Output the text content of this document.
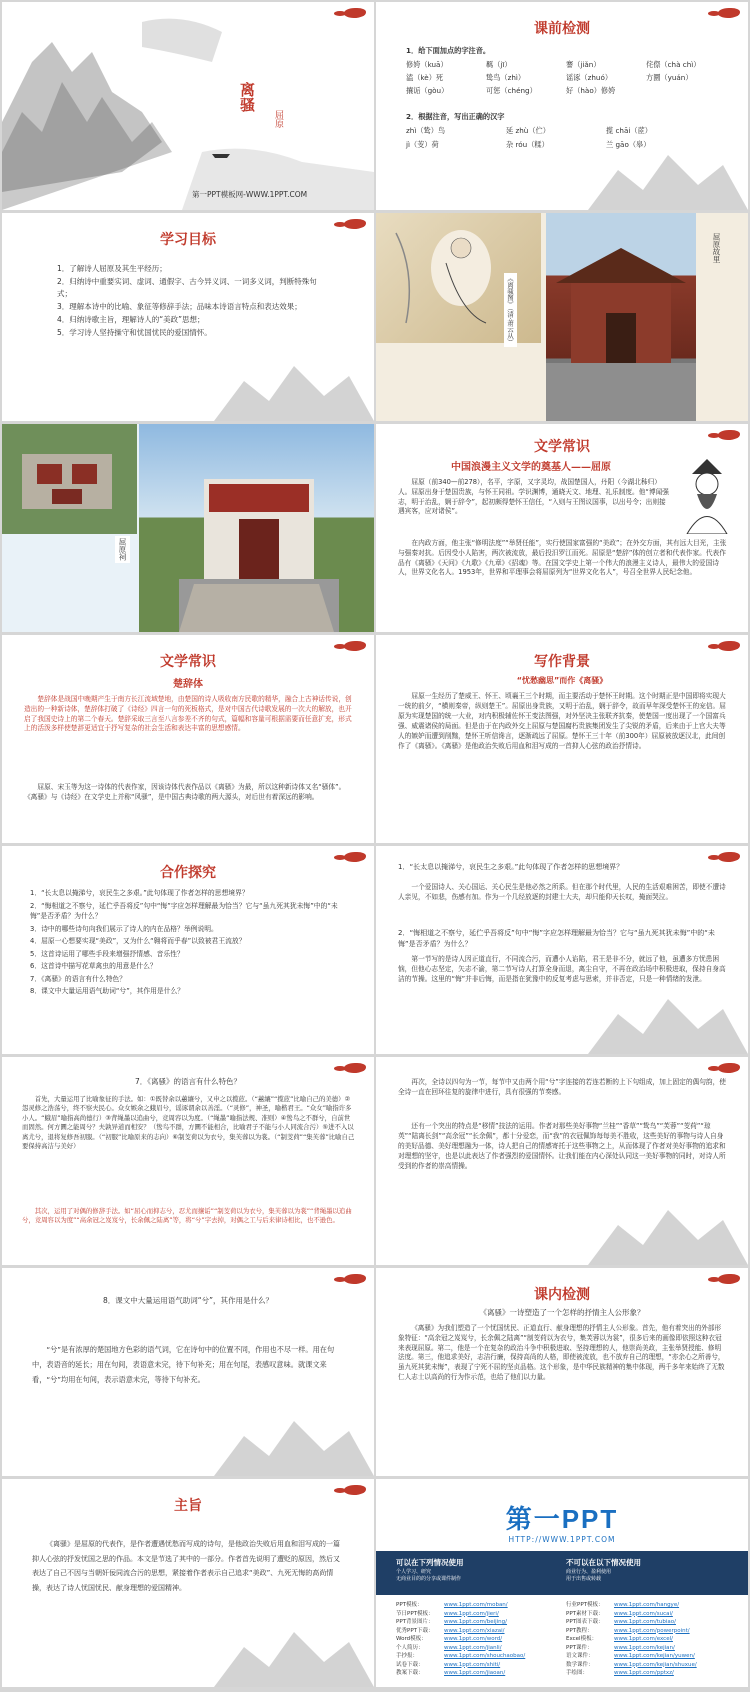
离骚
屈原
第一PPT模板网-WWW.1PPT.COM
课前检测
1．给下面加点的字注音。
修姱（kuā）	羁（jī）	謇（jiǎn）	侘傺（chà chì）
溘（kè）死	鸷鸟（zhì）	谣诼（zhuó）	方圜（yuán）
攘诟（gòu）	可惩（chéng）	好（hào）修姱
2．根据注音，写出正确的汉字
zhì（鸷）鸟	延 zhù（伫）	揽 chāi（茝）
jì（芰）荷	杂 róu（糅）	兰 gāo（皋）
学习目标
1．了解诗人屈原及其生平经历；
2．归纳诗中重要实词、虚词、通假字、古今异义词、一词多义词，判断特殊句式；
3．理解本诗中的比喻、象征等修辞手法；品味本诗语言特点和表达效果；
4．归纳诗歌主旨，理解诗人的“美政”思想；
5．学习诗人坚持操守和忧国忧民的爱国情怀。	《离骚图》（清·萧云从）
屈原故里
屈原祠
文学常识
中国浪漫主义文学的奠基人——屈原
屈原（前340—前278），名平，字原，又字灵均，战国楚国人，丹阳（今湖北秭归）人。屈原出身于楚国贵族，与怀王同祖。学识渊博，通晓天文、地理、礼乐制度。他“博闻强志，明于治乱，娴于辞令”，起初颇得楚怀王信任，“入则与王图议国事，以出号令；出则接遇宾客，应对诸侯”。
在内政方面，他主张“修明法度”“举贤任能”，实行使国家富强的“美政”；在外交方面，其有远大目光，主张与强秦对抗。后因受小人陷害，两次被流放，最后投汨罗江而死。屈原是“楚辞”体的创立者和代表作家。代表作品有《离骚》《天问》《九歌》《九章》《招魂》等。在国文学史上第一个伟大的浪漫主义诗人，最伟大的爱国诗人，世界文化名人。1953年，世界和平理事会将屈原列为“世界文化名人”，号召全世界人民纪念他。
文学常识
楚辞体
楚辞体是战国中晚期产生于南方长江流域楚地，由楚国的诗人吸收南方民歌的精华，融合上古神话传说，创造出的一种新诗体，楚辞体打破了《诗经》四言一句的死板格式，是对中国古代诗歌发展的一次大的解放，也开启了我国史诗上的第二个春天。楚辞采取三言至八言参差不齐的句式，篇幅和容量可根据需要而任意扩充，形式上的活泼多样使楚辞更适宜于抒写复杂的社会生活和表达丰富的思想感情。
屈原、宋玉等为这一诗体的代表作家，因该诗体代表作品以《离骚》为最，所以这种新诗体又名“骚体”。《离骚》与《诗经》在文学史上并称“风骚”，是中国古典诗歌的两大源头，对后世有着深远的影响。
写作背景
“忧愁幽思”而作《离骚》
屈原一生经历了楚威王、怀王、顷襄王三个时期，而主要活动于楚怀王时期。这个时期正是中国即将实现大一统的前夕，“横则秦帝，纵则楚王”。屈原出身贵族，又明于治乱，娴于辞令，故而早年深受楚怀王的宠信。屈原为实现楚国的统一大业，对内积极辅佐怀王变法图强，对外坚决主张联齐抗秦，使楚国一度出现了一个国富兵强、威震诸侯的局面。但是由于在内政外交上屈原与楚国腐朽贵族集团发生了尖锐的矛盾，后来由于上官大夫等人的嫉妒而遭到削黜，楚怀王听信谗言，逐渐疏远了屈原。楚怀王三十年（前300年）屈原被放逐汉北，此间创作了《离骚》。《离骚》是他政治失败后用血和泪写成的一首抑人心弦的政治抒情诗。
合作探究
1．“长太息以掩涕兮，哀民生之多艰。”此句体现了作者怎样的思想境界？
2．“悔相道之不察兮，延伫乎吾将反”句中“悔”字应怎样理解最为恰当？它与“虽九死其犹未悔”中的“未悔”是否矛盾？为什么？
3．诗中的哪些诗句向我们展示了诗人的内在品格？举例说明。
4．屈原一心想要实现“美政”，又为什么“翱将而乎春”以致被君王流放？
5．这首诗运用了哪些手段来增强抒情感、音乐性？
6．这首诗中描写花草禽虫的用意是什么？
7．《离骚》的语言有什么特色？
8．课文中大量运用语气助词“兮”，其作用是什么？
1．“长太息以掩涕兮，哀民生之多艰。”此句体现了作者怎样的思想境界？
一个爱国诗人、关心国运、关心民生是他必然之所系。但在那个时代里，人民的生活艰难困苦，即使不遭诗人亲见，不如悲，伤感有加。作为一个几经放逐的封建士大夫，却只能仰天长叹，掩面哭泣。
2．“悔相道之不察兮，延伫乎吾将反”句中“悔”字应怎样理解最为恰当？它与“虽九死其犹未悔”中的“未悔”是否矛盾？为什么？
第一节写的是诗人因正道直行，不同流合污，而遭小人谄陷，君王是非不分，就远了他，虽遭多方忧患困恼，但他心志坚定，矢志不渝，第二节写诗人打算全身而退，离尘自守，不再在政治场中积极进取，保持自身高洁的节操。这里的“悔”并非后悔，而是指在犹豫中的反复考虑与思索，并非否定，只是一种情绪的发泄。
7．《离骚》的语言有什么特色？
首先，大量运用了比喻象征的手法。如：①既替余以蕙纕兮，又申之以揽茝。（“蕙纕”“揽茝”比喻自己的美德）②怨灵修之浩荡兮，终不察夫民心。众女嫉余之蛾眉兮，谣诼谓余以善淫。（“灵修”，神圣，喻楷君王。“众女”喻指许多小人。“蛾眉”喻指高尚德行）③背绳墨以追曲兮，竞周容以为度。（“绳墨”喻指法规、准则）④鸷鸟之不群兮，自前世而固然。何方圜之能周兮？夫孰异道而相安？（鸷鸟不群，方圜不能相合，比喻君子不能与小人同流合污）⑤进不入以离尤兮，退将复修吾初服。（“初服”比喻原来的志向）⑥制芰荷以为衣兮，集芙蓉以为裳。（“制芰荷”“集芙蓉”比喻自己要保持高洁与美好）
其次，运用了对偶的修辞手法。如“屈心而抑志兮，忍尤而攘诟”“制芰荷以为衣兮，集芙蓉以为裳”“背绳墨以追曲兮，竞周容以为度”“高余冠之岌岌兮，长余佩之陆离”等，将“兮”字去掉，对偶之工与后来律诗相比，也不逊色。
再次，全诗以四句为一节，每节中又由两个用“兮”字连接的若连若断的上下句组成，加上固定的偶句韵，使全诗一直在回环往复的旋律中进行，具有很强的节奏感。
还有一个突出的特点是“移情”技法的运用。作者对那些美好事物“兰桂”“香草”“鸷鸟”“芙蓉”“芰荷”“琼英”“陆离长剑”“高余冠”“长余佩”，都十分爱恋，而“我”的衣冠佩饰每每美不胜收，这些美好的事物与诗人自身的美好品德、美好理想融为一体，诗人把自己的情感寄托于这些事物之上，从而体现了作者对美好事物的追求和对理想的坚守，也是以此表达了作者强烈的爱国情怀。让我们能在内心深处认同这一美好事物的同时，对诗人所受到的作者的崇高情操。
8．课文中大量运用语气助词“兮”，其作用是什么？
“兮”是有浓厚的楚国地方色彩的语气词，它在诗句中的位置不同，作用也不尽一样。用在句中，表语音的延长；用在句间，表语意未完，待下句补充；用在句尾，表感叹意味。就课文来看，“兮”均用在句间，表示语意未完，等待下句补充。
课内检测
《离骚》一诗塑造了一个怎样的抒情主人公形象？
《离骚》为我们塑造了一个忧国忧民、正道直行、献身理想的抒情主人公形象。首先，他有着突出的外部形象特征：“高余冠之岌岌兮，长余佩之陆离”“制芰荷以为衣兮，集芙蓉以为裳”，很多后来的画像即依照这种衣冠来表现屈原。第二，他是一个在复杂的政治斗争中积极进取、坚持理想的人，他崇尚美政，主张举贤授能、修明法度。第三，他追求美好，志洁行廉，保持高尚的人格，即使被流放，也不放弃自己的理想，“亦余心之所善兮，虽九死其犹未悔”，表现了宁死不屈的坚贞品格。这个形象，是中华民族精神的集中体现，两千多年来始终了无数仁人志士以高尚的行为作示范，也给了他们以力量。
主旨
《离骚》是屈原的代表作，是作者遭遇忧愁而写成的诗句，是他政治失败后用血和泪写成的一篇抑人心弦的抒发忧国之思的作品。本文是节选了其中的一部分。作者首先说明了遭贬的原因，然后又表达了自己不因与当朝奸佞同流合污的思想，紧接着作者表示自己追求“美政”、九死无悔的高尚情操，表达了诗人忧国忧民、献身理想的爱国精神。
第一PPT
HTTP://WWW.1PPT.COM
可以在下列情况使用
个人学习、研究
无商业目的的分享或课件制作
不可以在以下情况使用
商业行为、盈利使用
用于出售或转载
PPT模板：	www.1ppt.com/moban/
节日PPT模板： www.1ppt.com/jieri/
PPT背景图片： www.1ppt.com/beijing/
优秀PPT下载： www.1ppt.com/xiazai/
Word模板：	www.1ppt.com/word/
个人简历：	www.1ppt.com/jianli/
手抄报：	www.1ppt.com/shouchaobao/
试卷下载：	www.1ppt.com/shiti/
教案下载：	www.1ppt.com/jiaoan/
行业PPT模板： www.1ppt.com/hangye/
PPT素材下载： www.1ppt.com/sucai/
PPT图表下载： www.1ppt.com/tubiao/
PPT教程：	www.1ppt.com/powerpoint/
Excel模板：	www.1ppt.com/excel/
PPT课件：	www.1ppt.com/kejian/
语文课件：	www.1ppt.com/kejian/yuwen/
数学课件：	www.1ppt.com/kejian/shuxue/
手绘图：	www.1ppt.com/pptxz/
